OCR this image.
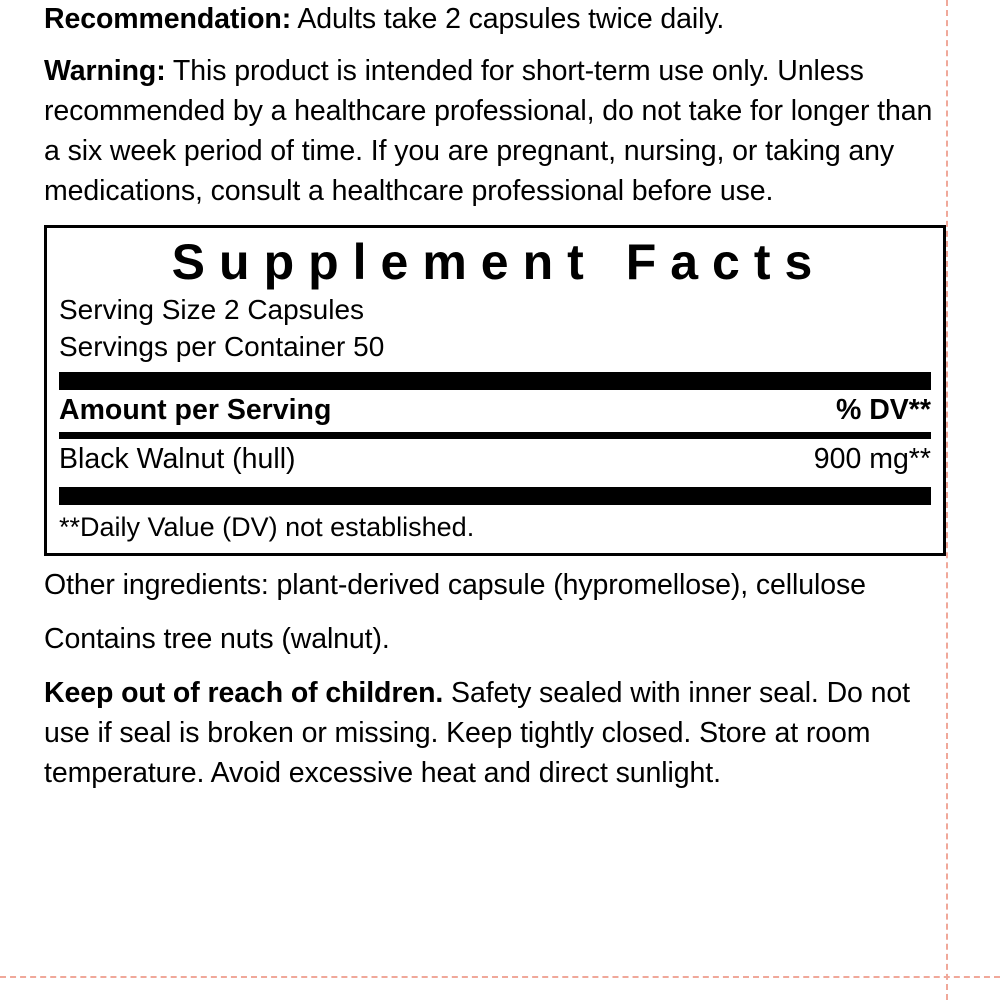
Recommendation: Adults take 2 capsules twice daily.

Warning: This product is intended for short-term use only. Unless recommended by a healthcare professional, do not take for longer than a six week period of time. If you are pregnant, nursing, or taking any medications, consult a healthcare professional before use.

Supplement Facts
Serving Size 2 Capsules
Servings per Container 50
Amount per Serving	% DV**
Black Walnut (hull)	900 mg**
**Daily Value (DV) not established.

Other ingredients: plant-derived capsule (hypromellose), cellulose

Contains tree nuts (walnut).

Keep out of reach of children. Safety sealed with inner seal. Do not use if seal is broken or missing. Keep tightly closed. Store at room temperature. Avoid excessive heat and direct sunlight.
